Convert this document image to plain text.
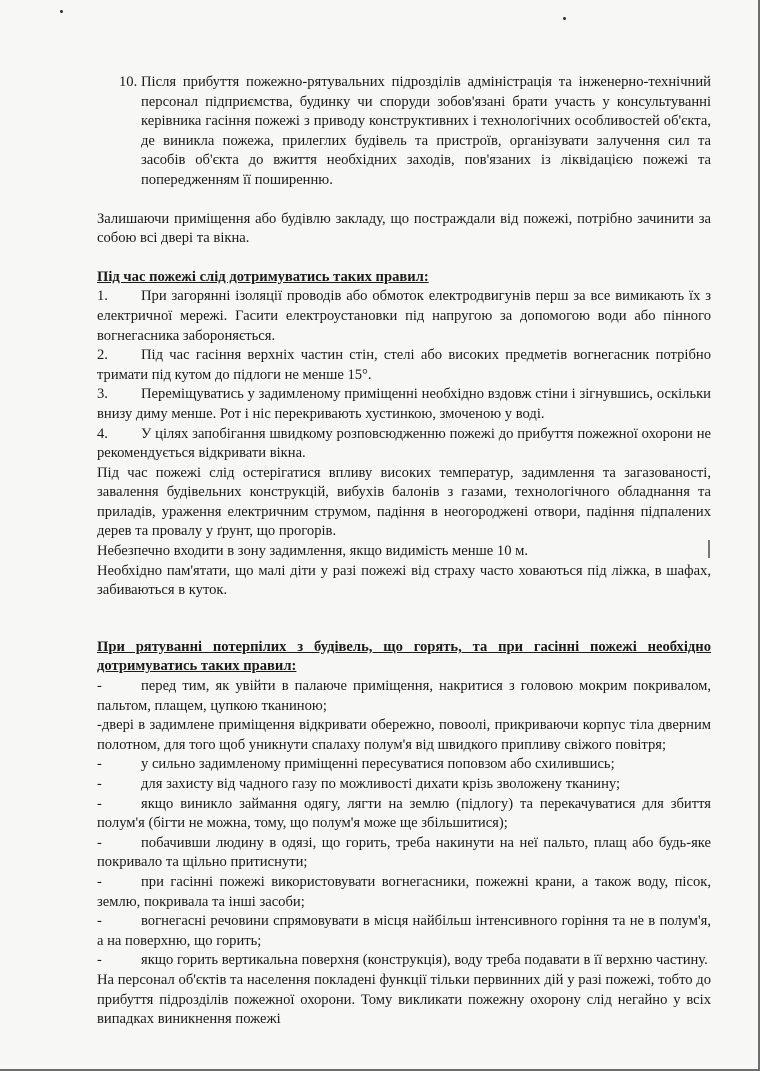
10. Після прибуття пожежно-рятувальних підрозділів адміністрація та інженерно-технічний персонал підприємства, будинку чи споруди зобов'язані брати участь у консультуванні керівника гасіння пожежі з приводу конструктивних і технологічних особливостей об'єкта, де виникла пожежа, прилеглих будівель та пристроїв, організувати залучення сил та засобів об'єкта до вжиття необхідних заходів, пов'язаних із ліквідацією пожежі та попередженням її поширенню.

Залишаючи приміщення або будівлю закладу, що постраждали від пожежі, потрібно зачинити за собою всі двері та вікна.

Під час пожежі слід дотримуватись таких правил:

1. При загорянні ізоляції проводів або обмоток електродвигунів перш за все вимикають їх з електричної мережі. Гасити електроустановки під напругою за допомогою води або пінного вогнегасника забороняється.

2. Під час гасіння верхніх частин стін, стелі або високих предметів вогнегасник потрібно тримати під кутом до підлоги не менше 15°.

3. Переміщуватись у задимленому приміщенні необхідно вздовж стіни і зігнувшись, оскільки внизу диму менше. Рот і ніс перекривають хустинкою, змоченою у воді.

4. У цілях запобігання швидкому розповсюдженню пожежі до прибуття пожежної охорони не рекомендується відкривати вікна.

Під час пожежі слід остерігатися впливу високих температур, задимлення та загазованості, завалення будівельних конструкцій, вибухів балонів з газами, технологічного обладнання та приладів, ураження електричним струмом, падіння в неогороджені отвори, падіння підпалених дерев та провалу у ґрунт, що прогорів.

Небезпечно входити в зону задимлення, якщо видимість менше 10 м.

Необхідно пам'ятати, що малі діти у разі пожежі від страху часто ховаються під ліжка, в шафах, забиваються в куток.

При рятуванні потерпілих з будівель, що горять, та при гасінні пожежі необхідно дотримуватись таких правил:

-	перед тим, як увійти в палаюче приміщення, накритися з головою мокрим покривалом, пальтом, плащем, цупкою тканиною;

-двері в задимлене приміщення відкривати обережно, повоолі, прикриваючи корпус тіла дверним полотном, для того щоб уникнути спалаху полум'я від швидкого припливу свіжого повітря;

-	у сильно задимленому приміщенні пересуватися поповзом або схилившись;

-	для захисту від чадного газу по можливості дихати крізь зволожену тканину;

-	якщо виникло займання одягу, лягти на землю (підлогу) та перекачуватися для збиття полум'я (бігти не можна, тому, що полум'я може ще збільшитися);

-	побачивши людину в одязі, що горить, треба накинути на неї пальто, плащ або будь-яке покривало та щільно притиснути;

-	при гасінні пожежі використовувати вогнегасники, пожежні крани, а також воду, пісок, землю, покривала та інші засоби;

-	вогнегасні речовини спрямовувати в місця найбільш інтенсивного горіння та не в полум'я, а на поверхню, що горить;

-	якщо горить вертикальна поверхня (конструкція), воду треба подавати в її верхню частину.

На персонал об'єктів та населення покладені функції тільки первинних дій у разі пожежі, тобто до прибуття підрозділів пожежної охорони. Тому викликати пожежну охорону слід негайно у всіх випадках виникнення пожежі
